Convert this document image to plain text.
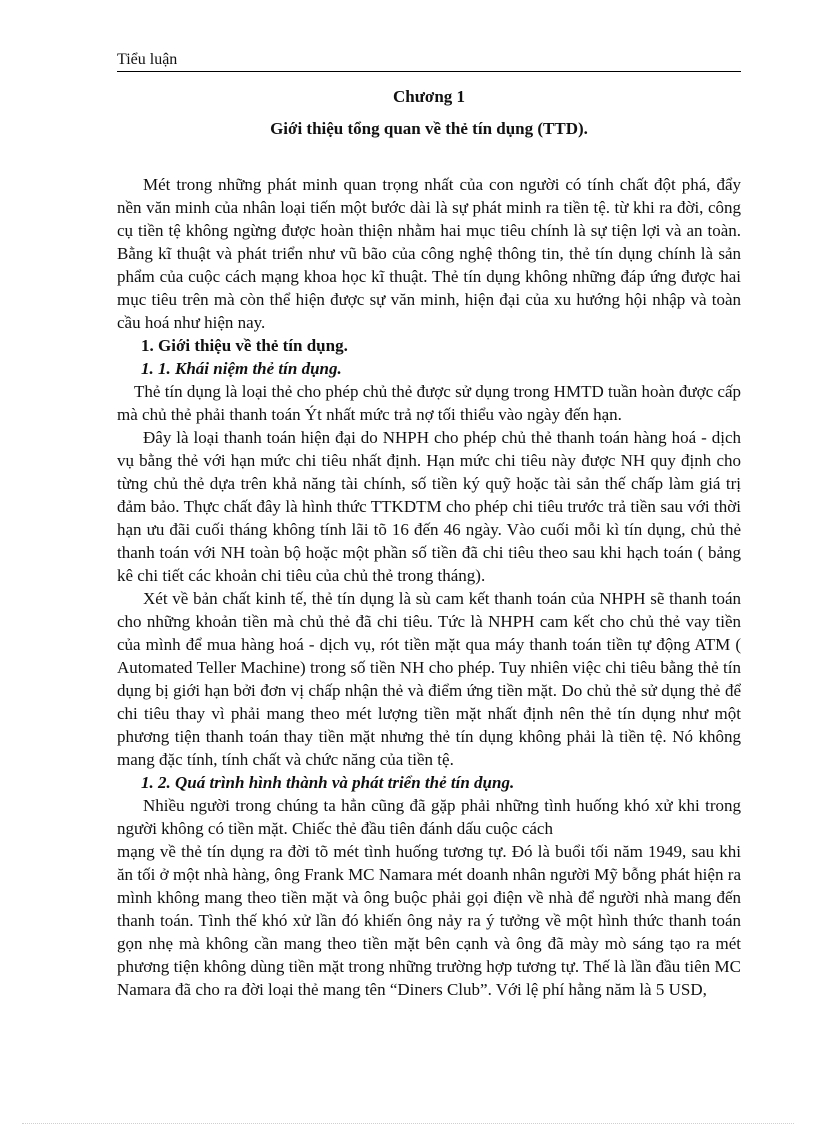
Tiểu luận
Chương 1
Giới thiệu tổng quan về thẻ tín dụng (TTD).

Mét trong những phát minh quan trọng nhất của con người có tính chất đột phá, đẩy nền văn minh của nhân loại tiến một bước dài là sự phát minh ra tiền tệ. từ khi ra đời, công cụ tiền tệ không ngừng được hoàn thiện nhằm hai mục tiêu chính là sự tiện lợi và an toàn. Bằng kĩ thuật và phát triển như vũ bão của công nghệ thông tin, thẻ tín dụng chính là sản phẩm của cuộc cách mạng khoa học kĩ thuật. Thẻ tín dụng không những đáp ứng được hai mục tiêu trên mà còn thể hiện được sự văn minh, hiện đại của xu hướng hội nhập và toàn cầu hoá như hiện nay.

1. Giới thiệu về thẻ tín dụng.

1. 1. Khái niệm thẻ tín dụng.

Thẻ tín dụng là loại thẻ cho phép chủ thẻ được sử dụng trong HMTD tuần hoàn được cấp mà chủ thẻ phải thanh toán Ýt nhất mức trả nợ tối thiểu vào ngày đến hạn.

Đây là loại thanh toán hiện đại do NHPH cho phép chủ thẻ thanh toán hàng hoá - dịch vụ bằng thẻ với hạn mức chi tiêu nhất định. Hạn mức chi tiêu này được NH quy định cho từng chủ thẻ dựa trên khả năng tài chính, số tiền ký quỹ hoặc tài sản thế chấp làm giá trị đảm bảo. Thực chất đây là hình thức TTKDTM cho phép chi tiêu trước trả tiền sau với thời hạn ưu đãi cuối tháng không tính lãi tõ 16 đến 46 ngày. Vào cuối mỗi kì tín dụng, chủ thẻ thanh toán với NH toàn bộ hoặc một phần số tiền đã chi tiêu theo sau khi hạch toán ( bảng kê chi tiết các khoản chi tiêu của chủ thẻ trong tháng).

Xét về bản chất kinh tế, thẻ tín dụng là sù cam kết thanh toán của NHPH sẽ thanh toán cho những khoản tiền mà chủ thẻ đã chi tiêu. Tức là NHPH cam kết cho chủ thẻ vay tiền của mình để mua hàng hoá - dịch vụ, rót tiền mặt qua máy thanh toán tiền tự động ATM ( Automated Teller Machine) trong số tiền NH cho phép. Tuy nhiên việc chi tiêu bằng thẻ tín dụng bị giới hạn bởi đơn vị chấp nhận thẻ và điểm ứng tiền mặt. Do chủ thẻ sử dụng thẻ để chi tiêu thay vì phải mang theo mét lượng tiền mặt nhất định nên thẻ tín dụng như một phương tiện thanh toán thay tiền mặt nhưng thẻ tín dụng không phải là tiền tệ. Nó không mang đặc tính, tính chất và chức năng của tiền tệ.

1. 2. Quá trình hình thành và phát triển thẻ tín dụng.

Nhiều người trong chúng ta hẳn cũng đã gặp phải những tình huống khó xử khi trong người không có tiền mặt. Chiếc thẻ đầu tiên đánh dấu cuộc cách

mạng về thẻ tín dụng ra đời tõ mét tình huống tương tự. Đó là buổi tối năm 1949, sau khi ăn tối ở một nhà hàng, ông Frank MC Namara mét doanh nhân người Mỹ bỗng phát hiện ra mình không mang theo tiền mặt và ông buộc phải gọi điện về nhà để người nhà mang đến thanh toán. Tình thế khó xử lần đó khiến ông nảy ra ý tưởng về một hình thức thanh toán gọn nhẹ mà không cần mang theo tiền mặt bên cạnh và ông đã mày mò sáng tạo ra mét phương tiện không dùng tiền mặt trong những trường hợp tương tự. Thế là lần đầu tiên MC Namara đã cho ra đời loại thẻ mang tên “Diners Club”. Với lệ phí hằng năm là 5 USD,
